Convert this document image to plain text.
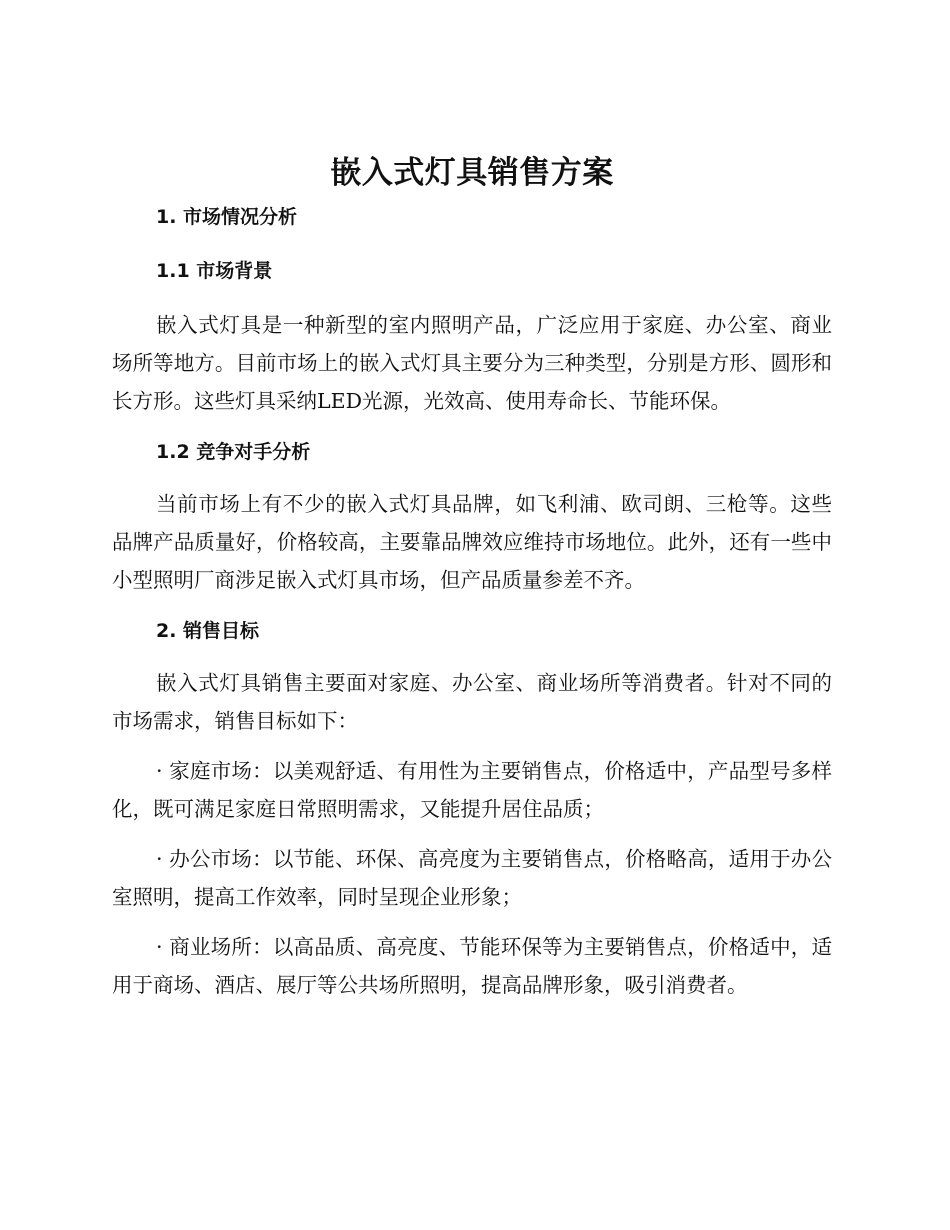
嵌入式灯具销售方案
1. 市场情况分析
1.1 市场背景

嵌入式灯具是一种新型的室内照明产品，广泛应用于家庭、办公室、商业场所等地方。目前市场上的嵌入式灯具主要分为三种类型，分别是方形、圆形和长方形。这些灯具采纳LED光源，光效高、使用寿命长、节能环保。

1.2 竞争对手分析

当前市场上有不少的嵌入式灯具品牌，如飞利浦、欧司朗、三枪等。这些品牌产品质量好，价格较高，主要靠品牌效应维持市场地位。此外，还有一些中小型照明厂商涉足嵌入式灯具市场，但产品质量参差不齐。

2. 销售目标

嵌入式灯具销售主要面对家庭、办公室、商业场所等消费者。针对不同的市场需求，销售目标如下：

· 家庭市场：以美观舒适、有用性为主要销售点，价格适中，产品型号多样化，既可满足家庭日常照明需求，又能提升居住品质；

· 办公市场：以节能、环保、高亮度为主要销售点，价格略高，适用于办公室照明，提高工作效率，同时呈现企业形象；

· 商业场所：以高品质、高亮度、节能环保等为主要销售点，价格适中，适用于商场、酒店、展厅等公共场所照明，提高品牌形象，吸引消费者。
